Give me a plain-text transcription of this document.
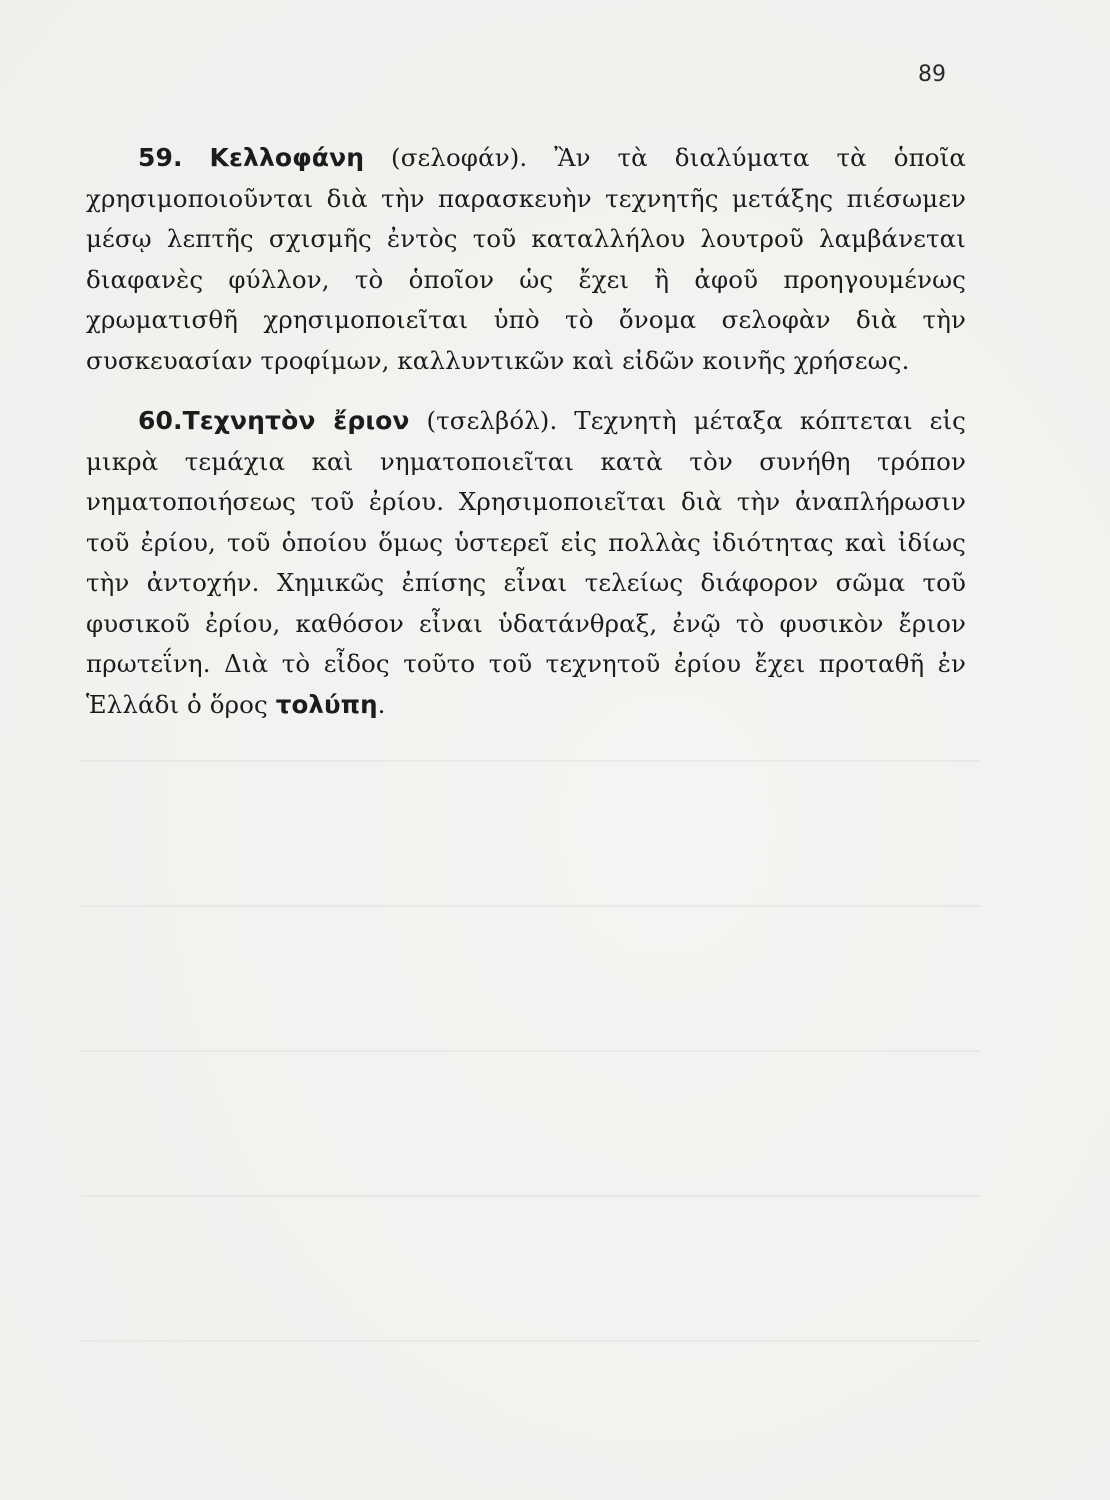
89

59. Κελλοφάνη (σελοφάν). Ἂν τὰ διαλύματα τὰ ὁποῖα χρησιμοποιοῦνται διὰ τὴν παρασκευὴν τεχνητῆς μετάξης πιέσωμεν μέσῳ λεπτῆς σχισμῆς ἐντὸς τοῦ καταλλήλου λουτροῦ λαμβάνεται διαφανὲς φύλλον, τὸ ὁποῖον ὡς ἔχει ἢ ἀφοῦ προηγουμένως χρωματισθῆ χρησιμοποιεῖται ὑπὸ τὸ ὄνομα σελοφὰν διὰ τὴν συσκευασίαν τροφίμων, καλλυντικῶν καὶ εἰδῶν κοινῆς χρήσεως.

60.Τεχνητὸν ἔριον (τσελβόλ). Τεχνητὴ μέταξα κόπτεται εἰς μικρὰ τεμάχια καὶ νηματοποιεῖται κατὰ τὸν συνήθη τρόπον νηματοποιήσεως τοῦ ἐρίου. Χρησιμοποιεῖται διὰ τὴν ἀναπλήρωσιν τοῦ ἐρίου, τοῦ ὁποίου ὅμως ὑστερεῖ εἰς πολλὰς ἰδιότητας καὶ ἰδίως τὴν ἀντοχήν. Χημικῶς ἐπίσης εἶναι τελείως διάφορον σῶμα τοῦ φυσικοῦ ἐρίου, καθόσον εἶναι ὑδατάνθραξ, ἐνῷ τὸ φυσικὸν ἔριον πρωτεΐνη. Διὰ τὸ εἶδος τοῦτο τοῦ τεχνητοῦ ἐρίου ἔχει προταθῆ ἐν Ἑλλάδι ὁ ὅρος τολύπη.
